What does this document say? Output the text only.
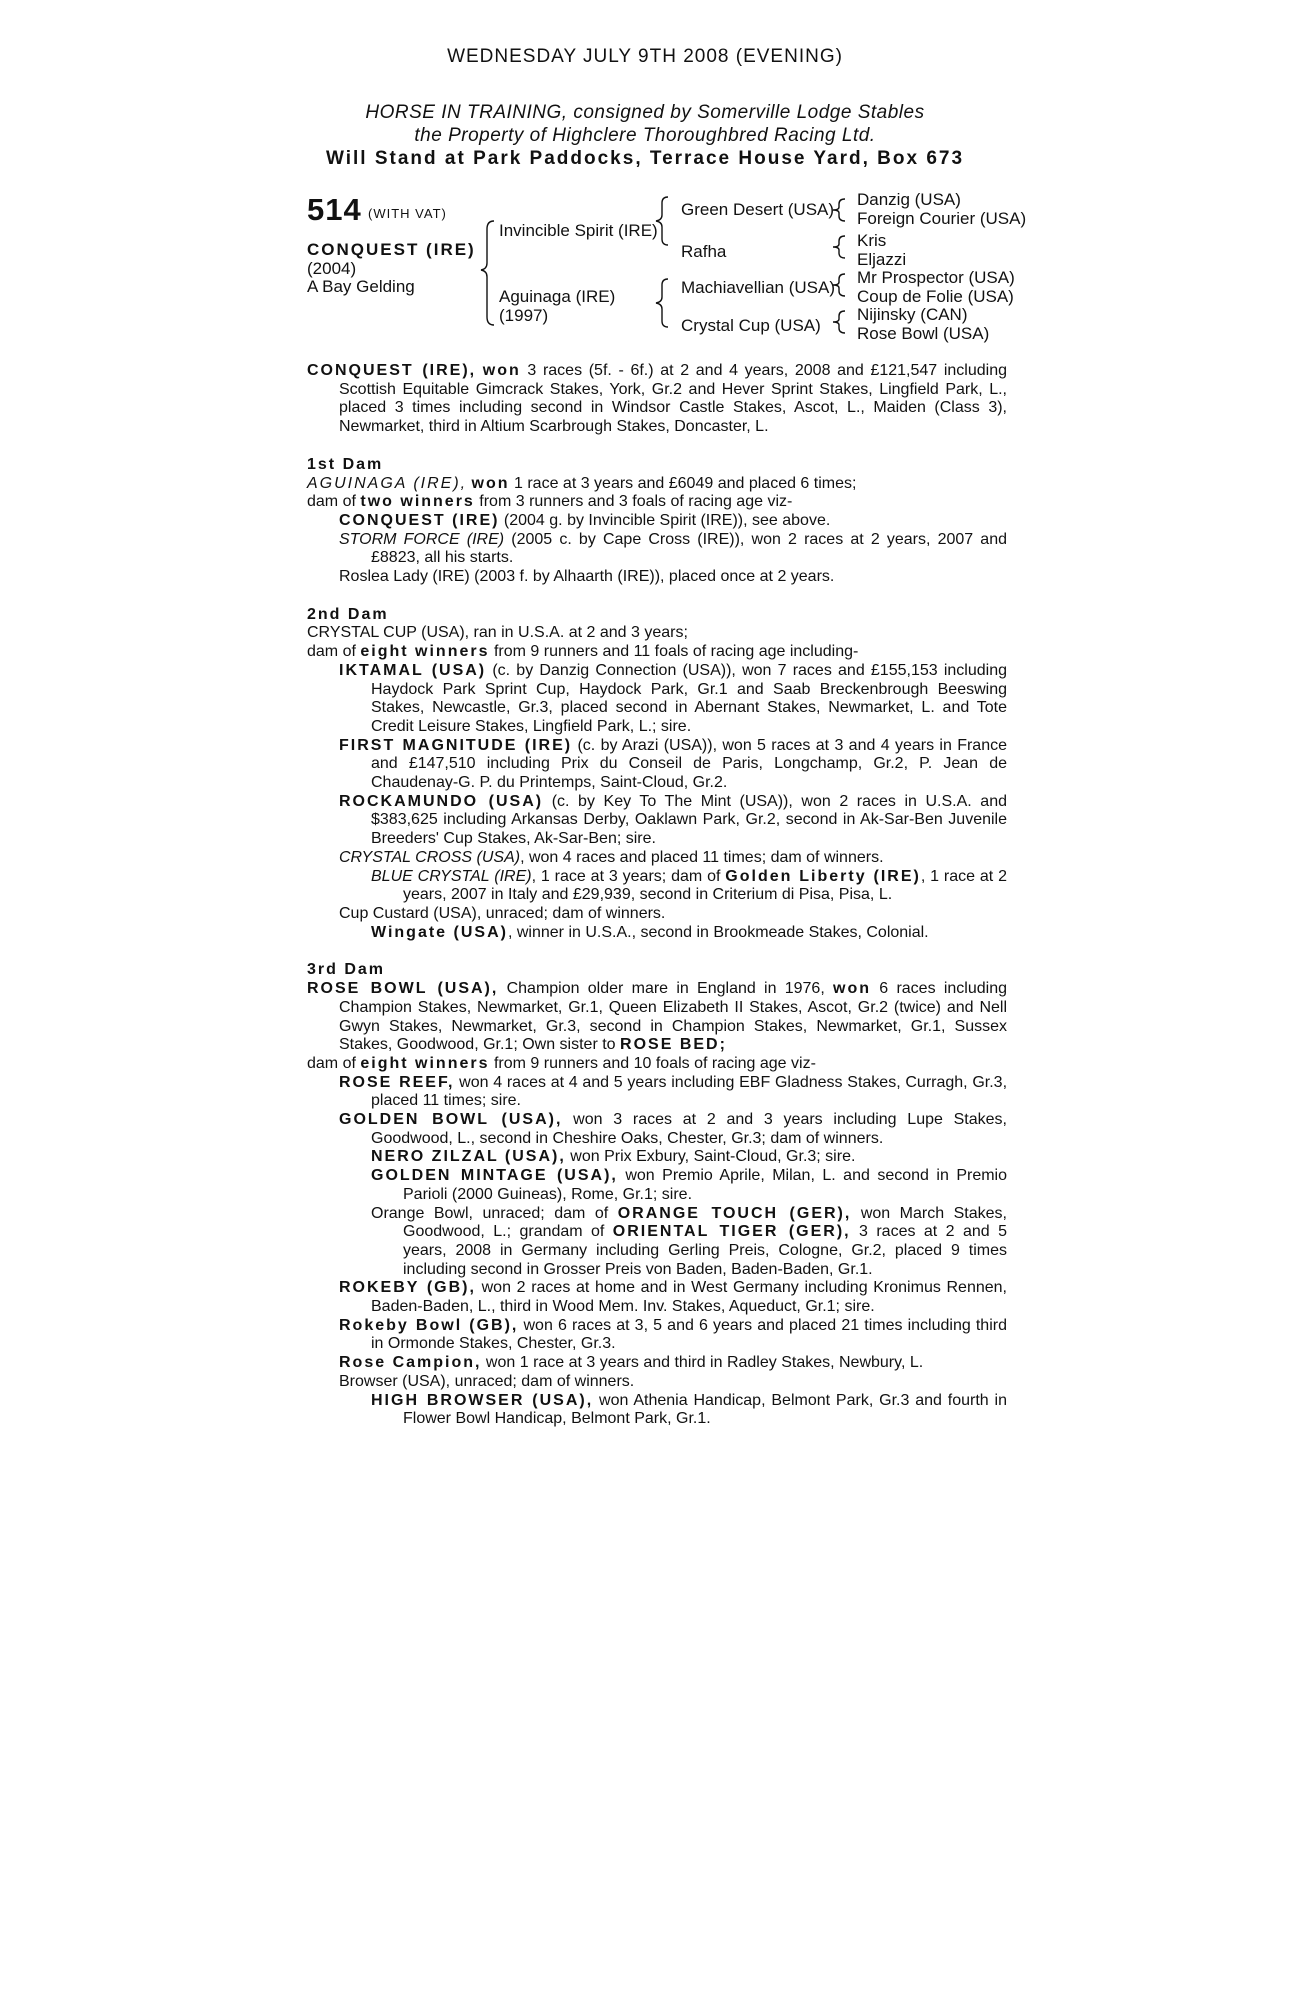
WEDNESDAY JULY 9TH 2008 (EVENING)
HORSE IN TRAINING, consigned by Somerville Lodge Stables
the Property of Highclere Thoroughbred Racing Ltd.
Will Stand at Park Paddocks, Terrace House Yard, Box 673
514 (WITH VAT)
CONQUEST (IRE)
(2004)
A Bay Gelding
Invincible Spirit (IRE)
Aguinaga (IRE)
(1997)
Green Desert (USA)
Rafha
Machiavellian (USA)
Crystal Cup (USA)
Danzig (USA)
Foreign Courier (USA)
Kris
Eljazzi
Mr Prospector (USA)
Coup de Folie (USA)
Nijinsky (CAN)
Rose Bowl (USA)

CONQUEST (IRE), won 3 races (5f. - 6f.) at 2 and 4 years, 2008 and £121,547 including Scottish Equitable Gimcrack Stakes, York, Gr.2 and Hever Sprint Stakes, Lingfield Park, L., placed 3 times including second in Windsor Castle Stakes, Ascot, L., Maiden (Class 3), Newmarket, third in Altium Scarbrough Stakes, Doncaster, L.

1st Dam
AGUINAGA (IRE), won 1 race at 3 years and £6049 and placed 6 times;
dam of two winners from 3 runners and 3 foals of racing age viz-
CONQUEST (IRE) (2004 g. by Invincible Spirit (IRE)), see above.
STORM FORCE (IRE) (2005 c. by Cape Cross (IRE)), won 2 races at 2 years, 2007 and £8823, all his starts.
Roslea Lady (IRE) (2003 f. by Alhaarth (IRE)), placed once at 2 years.
2nd Dam
CRYSTAL CUP (USA), ran in U.S.A. at 2 and 3 years;
dam of eight winners from 9 runners and 11 foals of racing age including-
IKTAMAL (USA) (c. by Danzig Connection (USA)), won 7 races and £155,153 including Haydock Park Sprint Cup, Haydock Park, Gr.1 and Saab Breckenbrough Beeswing Stakes, Newcastle, Gr.3, placed second in Abernant Stakes, Newmarket, L. and Tote Credit Leisure Stakes, Lingfield Park, L.; sire.
FIRST MAGNITUDE (IRE) (c. by Arazi (USA)), won 5 races at 3 and 4 years in France and £147,510 including Prix du Conseil de Paris, Longchamp, Gr.2, P. Jean de Chaudenay-G. P. du Printemps, Saint-Cloud, Gr.2.
ROCKAMUNDO (USA) (c. by Key To The Mint (USA)), won 2 races in U.S.A. and $383,625 including Arkansas Derby, Oaklawn Park, Gr.2, second in Ak-Sar-Ben Juvenile Breeders' Cup Stakes, Ak-Sar-Ben; sire.
CRYSTAL CROSS (USA), won 4 races and placed 11 times; dam of winners.
BLUE CRYSTAL (IRE), 1 race at 3 years; dam of Golden Liberty (IRE), 1 race at 2 years, 2007 in Italy and £29,939, second in Criterium di Pisa, Pisa, L.
Cup Custard (USA), unraced; dam of winners.
Wingate (USA), winner in U.S.A., second in Brookmeade Stakes, Colonial.
3rd Dam
ROSE BOWL (USA), Champion older mare in England in 1976, won 6 races including Champion Stakes, Newmarket, Gr.1, Queen Elizabeth II Stakes, Ascot, Gr.2 (twice) and Nell Gwyn Stakes, Newmarket, Gr.3, second in Champion Stakes, Newmarket, Gr.1, Sussex Stakes, Goodwood, Gr.1; Own sister to ROSE BED;
dam of eight winners from 9 runners and 10 foals of racing age viz-
ROSE REEF, won 4 races at 4 and 5 years including EBF Gladness Stakes, Curragh, Gr.3, placed 11 times; sire.
GOLDEN BOWL (USA), won 3 races at 2 and 3 years including Lupe Stakes, Goodwood, L., second in Cheshire Oaks, Chester, Gr.3; dam of winners.
NERO ZILZAL (USA), won Prix Exbury, Saint-Cloud, Gr.3; sire.
GOLDEN MINTAGE (USA), won Premio Aprile, Milan, L. and second in Premio Parioli (2000 Guineas), Rome, Gr.1; sire.
Orange Bowl, unraced; dam of ORANGE TOUCH (GER), won March Stakes, Goodwood, L.; grandam of ORIENTAL TIGER (GER), 3 races at 2 and 5 years, 2008 in Germany including Gerling Preis, Cologne, Gr.2, placed 9 times including second in Grosser Preis von Baden, Baden-Baden, Gr.1.
ROKEBY (GB), won 2 races at home and in West Germany including Kronimus Rennen, Baden-Baden, L., third in Wood Mem. Inv. Stakes, Aqueduct, Gr.1; sire.
Rokeby Bowl (GB), won 6 races at 3, 5 and 6 years and placed 21 times including third in Ormonde Stakes, Chester, Gr.3.
Rose Campion, won 1 race at 3 years and third in Radley Stakes, Newbury, L.
Browser (USA), unraced; dam of winners.
HIGH BROWSER (USA), won Athenia Handicap, Belmont Park, Gr.3 and fourth in Flower Bowl Handicap, Belmont Park, Gr.1.
